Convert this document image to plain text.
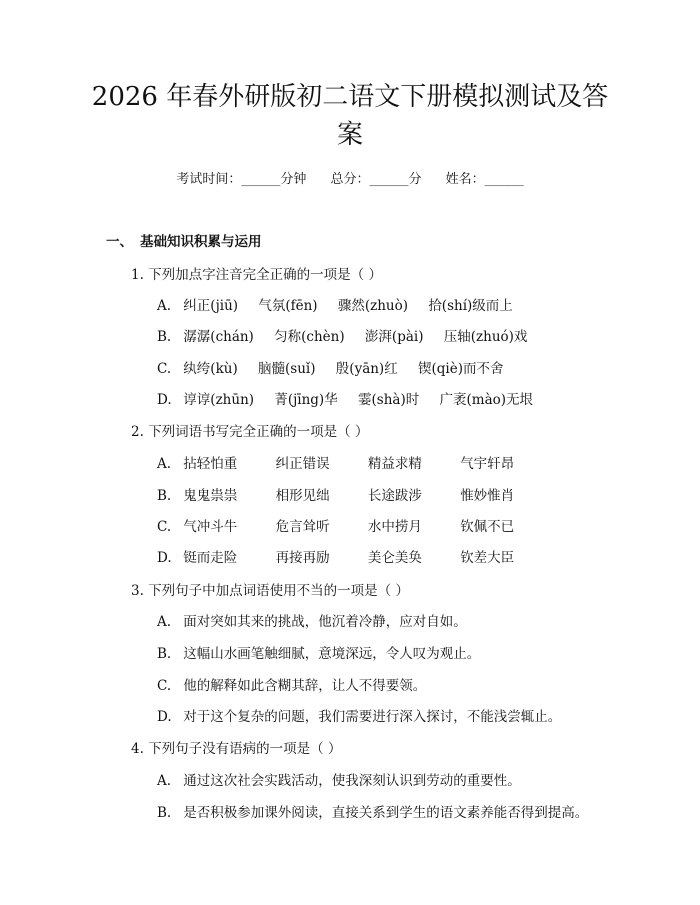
2026 年春外研版初二语文下册模拟测试及答案
考试时间：______分钟 总分：______分 姓名：______
一、 基础知识积累与运用
1. 下列加点字注音完全正确的一项是（ ）
A. 纠正(jiū) 气氛(fēn) 骤然(zhuò) 拾(shí)级而上
B. 潺潺(chán) 匀称(chèn) 澎湃(pài) 压轴(zhuó)戏
C. 纨绔(kù) 脑髓(suǐ) 殷(yān)红 锲(qiè)而不舍
D. 谆谆(zhūn) 菁(jīng)华 霎(shà)时 广袤(mào)无垠
2. 下列词语书写完全正确的一项是（ ）
A. 拈轻怕重	纠正错误	精益求精	气宇轩昂
B. 鬼鬼祟祟	相形见绌	长途跋涉	惟妙惟肖
C. 气冲斗牛	危言耸听	水中捞月	钦佩不已
D. 铤而走险	再接再励	美仑美奂	钦差大臣
3. 下列句子中加点词语使用不当的一项是（ ）
A. 面对突如其来的挑战，他沉着冷静，应对自如。
B. 这幅山水画笔触细腻，意境深远，令人叹为观止。
C. 他的解释如此含糊其辞，让人不得要领。
D. 对于这个复杂的问题，我们需要进行深入探讨，不能浅尝辄止。
4. 下列句子没有语病的一项是（ ）
A. 通过这次社会实践活动，使我深刻认识到劳动的重要性。
B. 是否积极参加课外阅读，直接关系到学生的语文素养能否得到提高。
